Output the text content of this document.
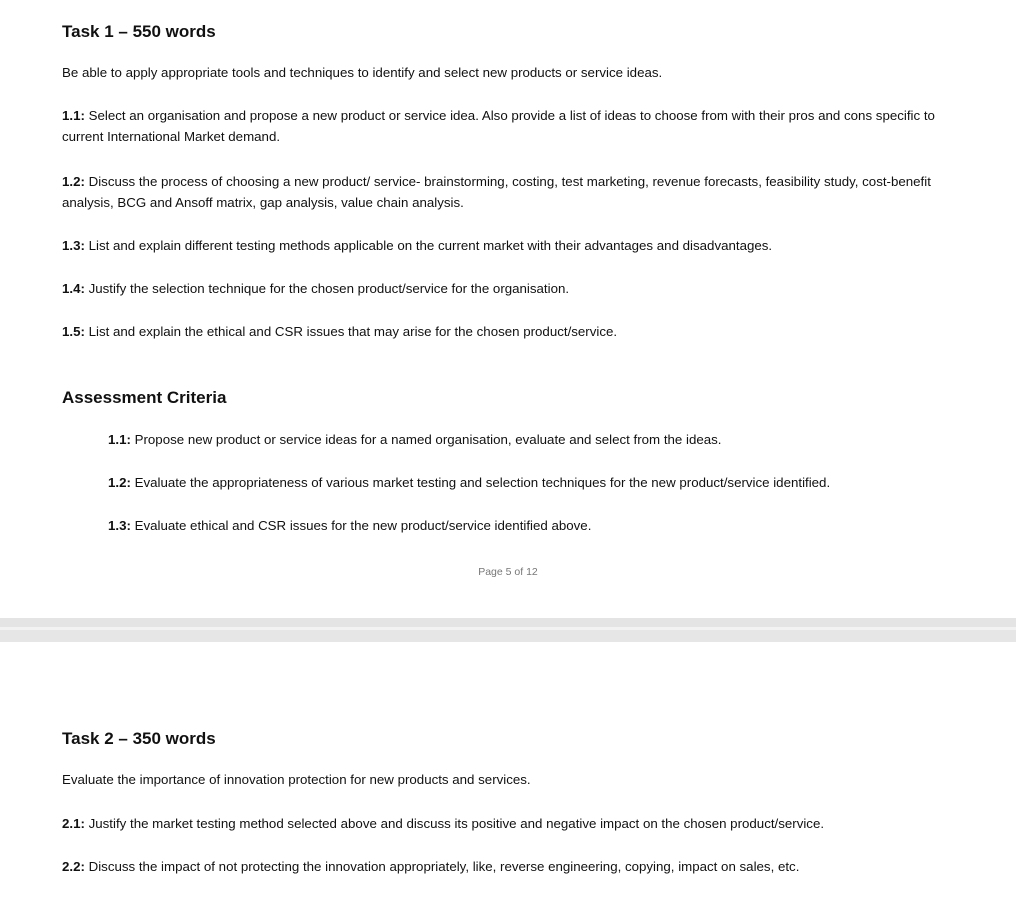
Task 1 – 550 words

Be able to apply appropriate tools and techniques to identify and select new products or service ideas.

1.1: Select an organisation and propose a new product or service idea. Also provide a list of ideas to choose from with their pros and cons specific to current International Market demand.

1.2: Discuss the process of choosing a new product/ service- brainstorming, costing, test marketing, revenue forecasts, feasibility study, cost-benefit analysis, BCG and Ansoff matrix, gap analysis, value chain analysis.

1.3: List and explain different testing methods applicable on the current market with their advantages and disadvantages.

1.4: Justify the selection technique for the chosen product/service for the organisation.

1.5: List and explain the ethical and CSR issues that may arise for the chosen product/service.

Assessment Criteria

1.1: Propose new product or service ideas for a named organisation, evaluate and select from the ideas.

1.2: Evaluate the appropriateness of various market testing and selection techniques for the new product/service identified.

1.3: Evaluate ethical and CSR issues for the new product/service identified above.

Page 5 of 12

Task 2 – 350 words

Evaluate the importance of innovation protection for new products and services.

2.1: Justify the market testing method selected above and discuss its positive and negative impact on the chosen product/service.

2.2: Discuss the impact of not protecting the innovation appropriately, like, reverse engineering, copying, impact on sales, etc.
